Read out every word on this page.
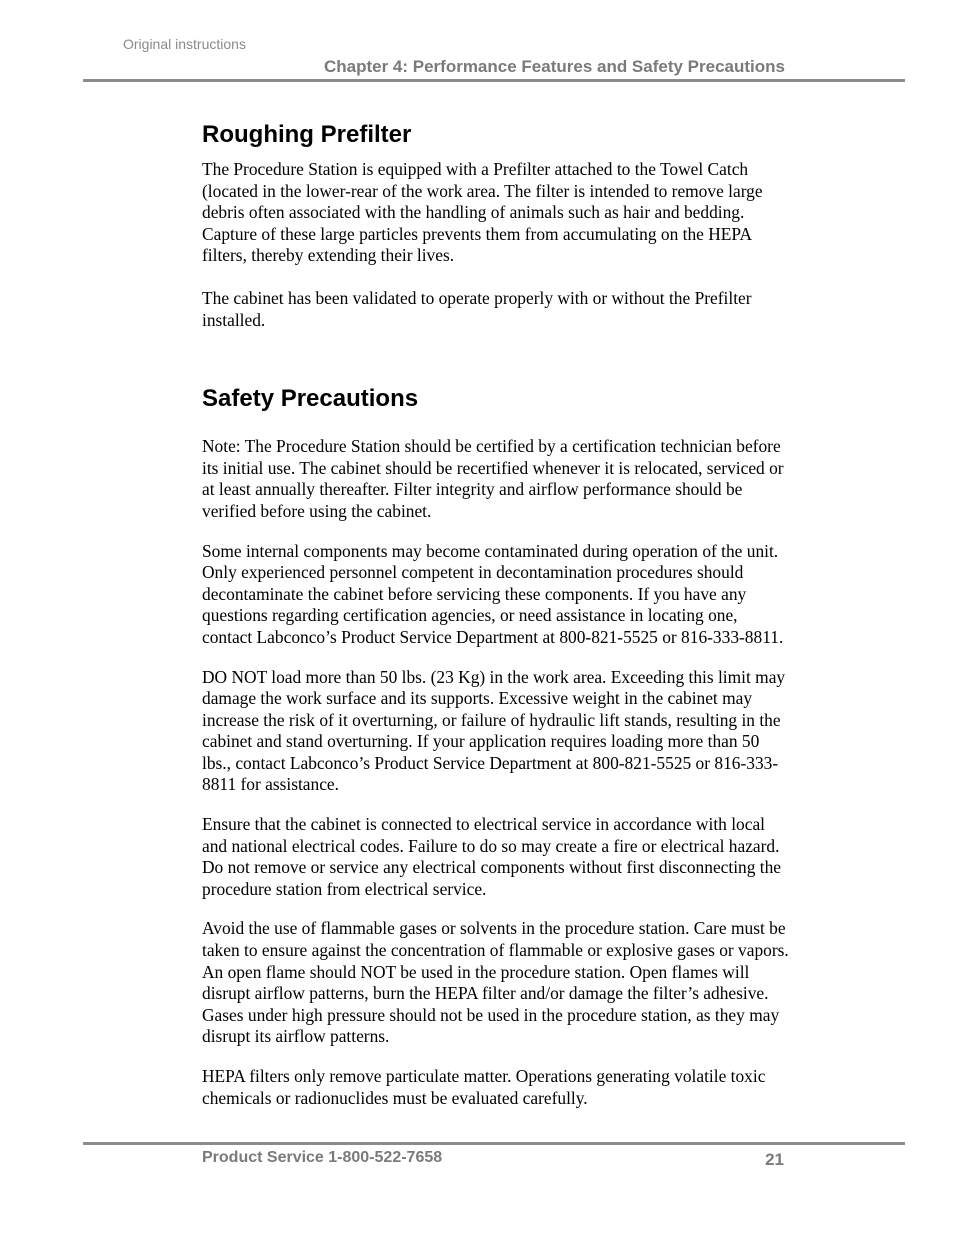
Original instructions
Chapter 4: Performance Features and Safety Precautions
Roughing Prefilter

The Procedure Station is equipped with a Prefilter attached to the Towel Catch (located in the lower-rear of the work area. The filter is intended to remove large debris often associated with the handling of animals such as hair and bedding. Capture of these large particles prevents them from accumulating on the HEPA filters, thereby extending their lives.

The cabinet has been validated to operate properly with or without the Prefilter installed.

Safety Precautions

Note: The Procedure Station should be certified by a certification technician before its initial use. The cabinet should be recertified whenever it is relocated, serviced or at least annually thereafter. Filter integrity and airflow performance should be verified before using the cabinet.

Some internal components may become contaminated during operation of the unit. Only experienced personnel competent in decontamination procedures should decontaminate the cabinet before servicing these components. If you have any questions regarding certification agencies, or need assistance in locating one, contact Labconco’s Product Service Department at 800-821-5525 or 816-333-8811.

DO NOT load more than 50 lbs. (23 Kg) in the work area. Exceeding this limit may damage the work surface and its supports. Excessive weight in the cabinet may increase the risk of it overturning, or failure of hydraulic lift stands, resulting in the cabinet and stand overturning. If your application requires loading more than 50 lbs., contact Labconco’s Product Service Department at 800-821-5525 or 816-333-8811 for assistance.

Ensure that the cabinet is connected to electrical service in accordance with local and national electrical codes. Failure to do so may create a fire or electrical hazard. Do not remove or service any electrical components without first disconnecting the procedure station from electrical service.

Avoid the use of flammable gases or solvents in the procedure station. Care must be taken to ensure against the concentration of flammable or explosive gases or vapors. An open flame should NOT be used in the procedure station. Open flames will disrupt airflow patterns, burn the HEPA filter and/or damage the filter’s adhesive. Gases under high pressure should not be used in the procedure station, as they may disrupt its airflow patterns.

HEPA filters only remove particulate matter. Operations generating volatile toxic chemicals or radionuclides must be evaluated carefully.

Product Service 1-800-522-7658	21
